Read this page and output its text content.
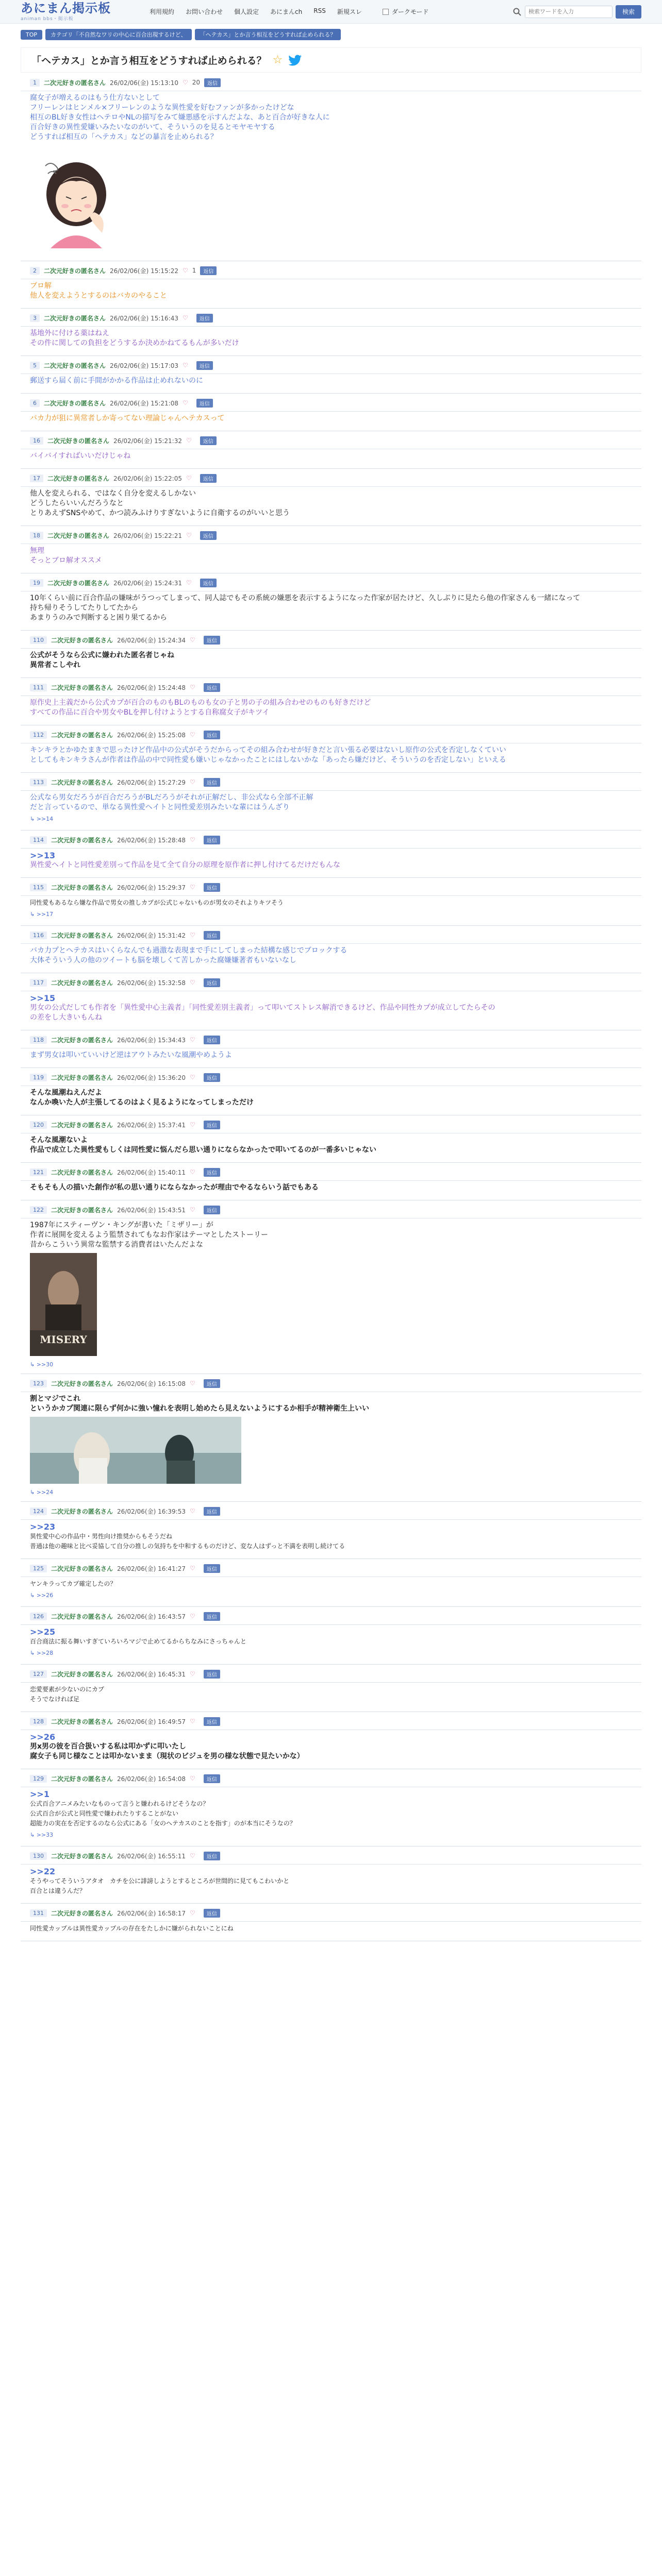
あにまん掲示板
animan bbs・掲示板
利用規約 お問い合わせ 個人設定 あにまんch RSS 新規スレ	ダークモード
検索ワードを入力	検索
TOP	カテゴリ「不自然なワリの中心に百合出現するけど、	「ヘテカス」とか言う相互をどうすれば止められる？
「ヘテカス」とか言う相互をどうすれば止められる？ ☆
1	二次元好きの匿名さん 26/02/06(金) 15:13:10 ♡ 20	返信
腐女子が増えるのはもう仕方ないとして
フリーレンはヒンメル×フリーレンのような異性愛を好むファンが多かったけどな
相互のBL好き女性はヘテロやNLの描写をみて嫌悪感を示すんだよな、あと百合が好きな人に
百合好きの異性愛嫌いみたいなのがいて、そういうのを見るとモヤモヤする
どうすれば相互の「ヘテカス」などの暴言を止められる？
2	二次元好きの匿名さん 26/02/06(金) 15:15:22 ♡ 1	返信
ブロ解
他人を変えようとするのはバカのやること
3	二次元好きの匿名さん 26/02/06(金) 15:16:43 ♡	返信
基地外に付ける薬はねえ
その件に関しての負担をどうするか決めかねてるもんが多いだけ
5	二次元好きの匿名さん 26/02/06(金) 15:17:03 ♡	返信
郵送すら届く前に手間がかかる作品は止めれないのに
6	二次元好きの匿名さん 26/02/06(金) 15:21:08 ♡	返信
バカ力が狙に異常者しか寄ってない理論じゃんヘテカスって
16	二次元好きの匿名さん 26/02/06(金) 15:21:32 ♡	返信
バイバイすればいいだけじゃね
17	二次元好きの匿名さん 26/02/06(金) 15:22:05 ♡	返信
他人を変えられる、ではなく自分を変えるしかない
どうしたらいいんだろうなと
とりあえずSNSやめて、かつ読みふけりすぎないように自衛するのがいいと思う
18	二次元好きの匿名さん 26/02/06(金) 15:22:21 ♡	返信
無理
そっとブロ解オススメ
19	二次元好きの匿名さん 26/02/06(金) 15:24:31 ♡	返信
10年くらい前に百合作品の嫌味がうつってしまって、同人誌でもその系統の嫌悪を表示するようになった作家が居たけど、久しぶりに見たら他の作家さんも一緒になって
持ち帰りそうしてたりしてたから
あまりうのみで判断すると困り果てるから
110	二次元好きの匿名さん 26/02/06(金) 15:24:34 ♡	返信
公式がそうなら公式に嫌われた匿名者じゃね
異常者こしやれ
111	二次元好きの匿名さん 26/02/06(金) 15:24:48 ♡	返信
原作史上主義だから公式カプが百合のものもBLのものも女の子と男の子の組み合わせのものも好きだけど
すべての作品に百合や男女やBLを押し付けようとする自称腐女子がキツイ
112	二次元好きの匿名さん 26/02/06(金) 15:25:08 ♡	返信
キンキラとかゆたまきで思ったけど作品中の公式がそうだからってその組み合わせが好きだと言い張る必要はないし原作の公式を否定しなくていい
としてもキンキラさんが作者は作品の中で同性愛も嫌いじゃなかったことにはしないかな「あったら嫌だけど、そういうのを否定しない」といえる
113	二次元好きの匿名さん 26/02/06(金) 15:27:29 ♡	返信
公式なら男女だろうが百合だろうがBLだろうがそれが正解だし、非公式なら全部不正解
だと言っているので、単なる異性愛ヘイトと同性愛差別みたいな輩にはうんざり
↳ >>14
114	二次元好きの匿名さん 26/02/06(金) 15:28:48 ♡	返信
>>13
異性愛ヘイトと同性愛差別って作品を見て全て自分の原理を原作者に押し付けてるだけだもんな
115	二次元好きの匿名さん 26/02/06(金) 15:29:37 ♡	返信
同性愛もあるなら嫌な作品で男女の推しカプが公式じゃないものが男女のそれよりキツそう
↳ >>17
116	二次元好きの匿名さん 26/02/06(金) 15:31:42 ♡	返信
バカ力プとヘテカスはいくらなんでも過激な表現まで手にしてしまった結構な感じでブロックする
大体そういう人の他のツイートも脳を壊しくて苦しかった腐嫌嫌著者もいないなし
117	二次元好きの匿名さん 26/02/06(金) 15:32:58 ♡	返信
>>15
男女の公式だしても作者を「異性愛中心主義者」「同性愛差別主義者」って叩いてストレス解消できるけど、作品や同性カプが成立してたらその
の差をし大きいもんね
118	二次元好きの匿名さん 26/02/06(金) 15:34:43 ♡	返信
まず男女は叩いていいけど逆はアウトみたいな風潮やめようよ
119	二次元好きの匿名さん 26/02/06(金) 15:36:20 ♡	返信
そんな風潮ねえんだよ
なんか喚いた人が主張してるのはよく見るようになってしまっただけ
120	二次元好きの匿名さん 26/02/06(金) 15:37:41 ♡	返信
そんな風潮ないよ
作品で成立した異性愛もしくは同性愛に悩んだら思い通りにならなかったで叩いてるのが一番多いじゃない
121	二次元好きの匿名さん 26/02/06(金) 15:40:11 ♡	返信
そもそも人の描いた創作が私の思い通りにならなかったが理由でやるならいう話でもある
122	二次元好きの匿名さん 26/02/06(金) 15:43:51 ♡	返信
1987年にスティーヴン・キングが書いた「ミザリー」が
作者に展開を変えるよう監禁されてもなお作家はテーマとしたストーリー
昔からこういう異常な監禁する消費者はいたんだよな
MISERY
↳ >>30
123	二次元好きの匿名さん 26/02/06(金) 16:15:08 ♡	返信
割とマジでこれ
というかカプ関連に限らず何かに強い憧れを表明し始めたら見えないようにするか相手が精神衛生上いい
↳ >>24
124	二次元好きの匿名さん 26/02/06(金) 16:39:53 ♡	返信
>>23
異性愛中心の作品中・男性向け推奨からもそうだね
普通は他の趣味と比べ妥協して自分の推しの気持ちを中和するものだけど、変な人はずっと不満を表明し続けてる
125	二次元好きの匿名さん 26/02/06(金) 16:41:27 ♡	返信
ヤンキラってカプ確定したの？
↳ >>26
126	二次元好きの匿名さん 26/02/06(金) 16:43:57 ♡	返信
>>25
百合商法に振る舞いすぎていろいろマジで止めてるからちなみにさっちゃんと
↳ >>28
127	二次元好きの匿名さん 26/02/06(金) 16:45:31 ♡	返信
恋愛要素が少ないのにカプ
そうでなければ足
128	二次元好きの匿名さん 26/02/06(金) 16:49:57 ♡	返信
>>26
男x男の彼を百合扱いする私は叩かずに叩いたし
腐女子も同じ様なことは叩かないまま（現状のビジュを男の様な状態で見たいかな）
129	二次元好きの匿名さん 26/02/06(金) 16:54:08 ♡	返信
>>1
公式百合アニメみたいなものって言うと嫌われるけどそうなの？
公式百合が公式と同性愛で嫌われたりすることがない
超能力の実在を否定するのなら公式にある「女のヘテカスのことを指す」のが本当にそうなの？
↳ >>33
130	二次元好きの匿名さん 26/02/06(金) 16:55:11 ♡	返信
>>22
そうやってそういうアタオ　カチを公に誹謗しようとするところが世間的に見てもこわいかと
百合とは違うんだ？
131	二次元好きの匿名さん 26/02/06(金) 16:58:17 ♡	返信
同性愛カップルは異性愛カップルの存在をたしかに嫌がられないことにね
